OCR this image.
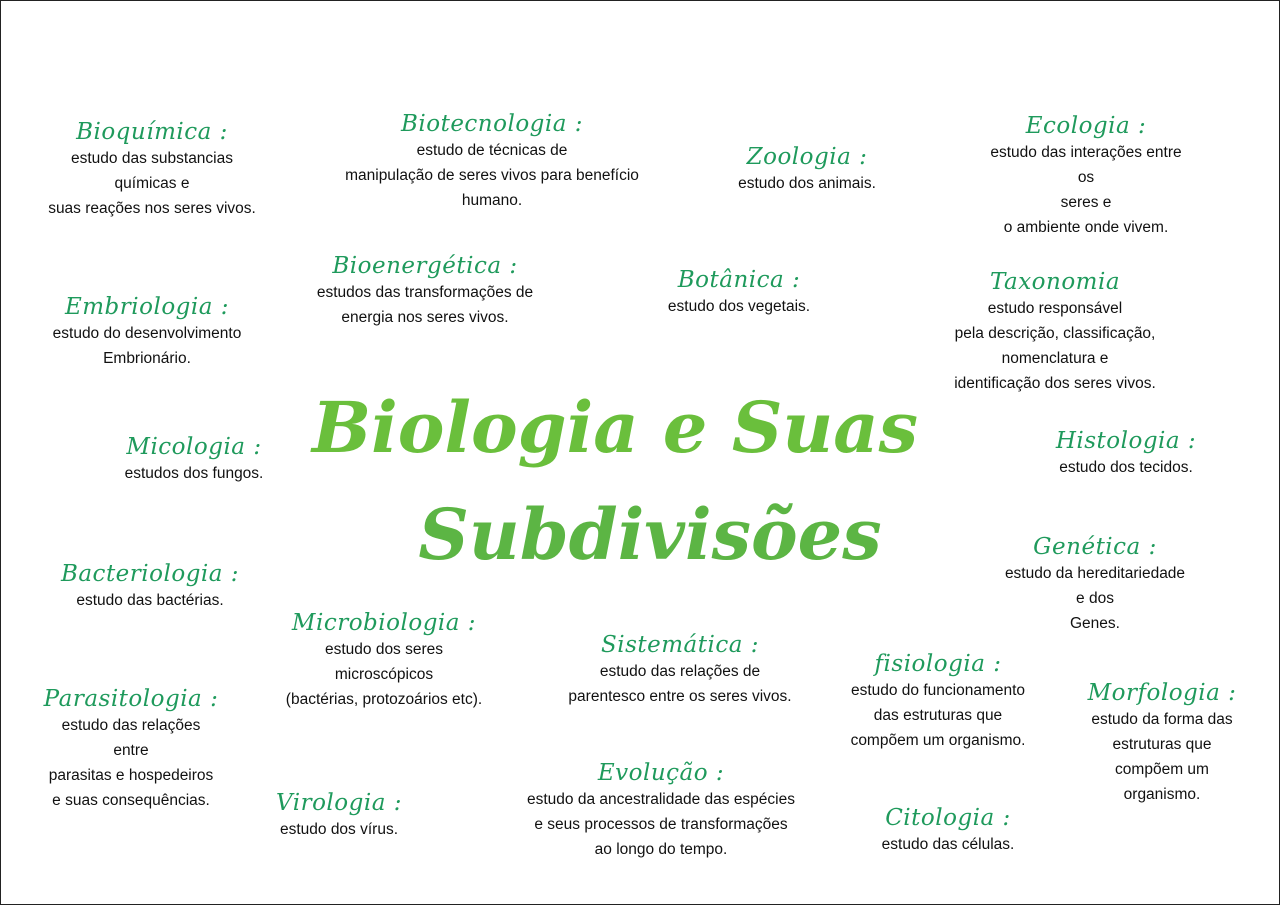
Biologia e Suas
Subdivisões
Bioquímica :
estudo das substancias
químicas e
suas reações nos seres vivos.
Biotecnologia :
estudo de técnicas de
manipulação de seres vivos para benefício
humano.
Zoologia :
estudo dos animais.
Ecologia :
estudo das interações entre os
seres e
o ambiente onde vivem.
Embriologia :
estudo do desenvolvimento
Embrionário.
Bioenergética :
estudos das transformações de
energia nos seres vivos.
Botânica :
estudo dos vegetais.
Taxonomia
estudo responsável
pela descrição, classificação, nomenclatura e
identificação dos seres vivos.
Micologia :
estudos dos fungos.
Histologia :
estudo dos tecidos.
Genética :
estudo da hereditariedade e dos
Genes.
Bacteriologia :
estudo das bactérias.
Microbiologia :
estudo dos seres
microscópicos
(bactérias, protozoários etc).
Sistemática :
estudo das relações de
parentesco entre os seres vivos.
fisiologia :
estudo do funcionamento
das estruturas que
compõem um organismo.
Morfologia :
estudo da forma das
estruturas que
compõem um
organismo.
Parasitologia :
estudo das relações
entre
parasitas e hospedeiros
e suas consequências.
Evolução :
estudo da ancestralidade das espécies
e seus processos de transformações
ao longo do tempo.
Virologia :
estudo dos vírus.	Citologia :
estudo das células.
